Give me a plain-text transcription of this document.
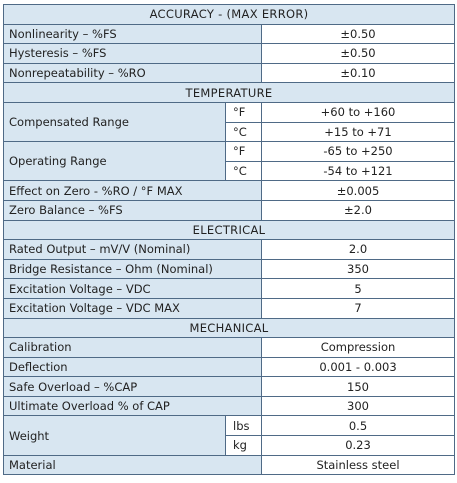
ACCURACY - (MAX ERROR)		
Nonlinearity – %FS		±0.50
Hysteresis – %FS		±0.50
Nonrepeatability – %RO		±0.10
TEMPERATURE		
Compensated Range	°F	+60 to +160
	°C	+15 to +71
Operating Range	°F	-65 to +250
	°C	-54 to +121
Effect on Zero - %RO / °F MAX		±0.005
Zero Balance – %FS		±2.0
ELECTRICAL		
Rated Output – mV/V (Nominal)		2.0
Bridge Resistance – Ohm (Nominal)		350
Excitation Voltage – VDC		5
Excitation Voltage – VDC MAX		7
MECHANICAL		
Calibration		Compression
Deflection		0.001 - 0.003
Safe Overload – %CAP		150
Ultimate Overload % of CAP		300
Weight	lbs	0.5
	kg	0.23
Material		Stainless steel
